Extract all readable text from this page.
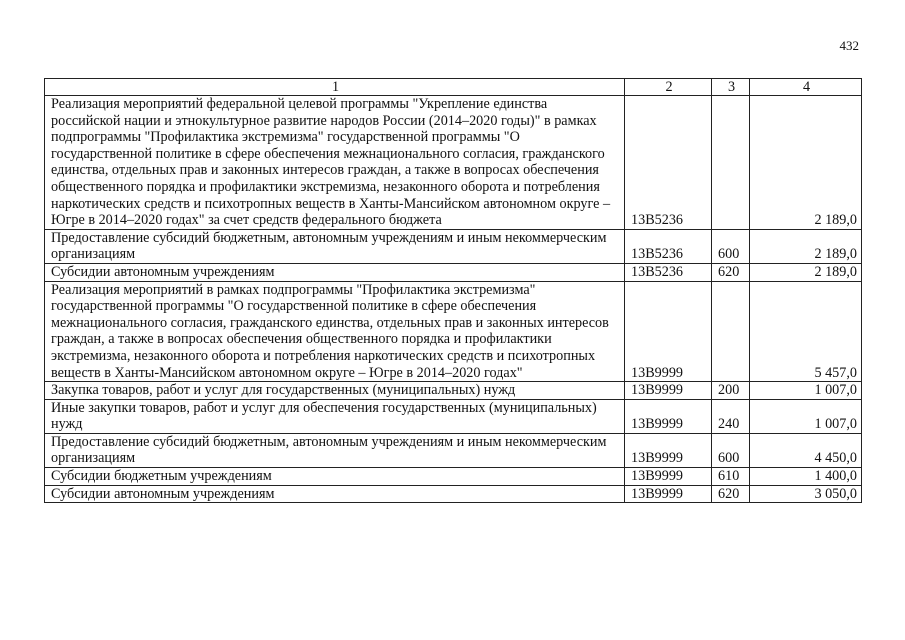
432
1	2	3	4
Реализация мероприятий федеральной целевой программы "Укрепление единства российской нации и этнокультурное развитие народов России (2014–2020 годы)" в рамках подпрограммы "Профилактика экстремизма" государственной программы "О государственной политике в сфере обеспечения межнационального согласия, гражданского единства, отдельных прав и законных интересов граждан, а также в вопросах обеспечения общественного порядка и профилактики экстремизма, незаконного оборота и потребления наркотических средств и психотропных веществ в Ханты-Мансийском автономном округе – Югре в 2014–2020 годах" за счет средств федерального бюджета	13B5236		2 189,0
Предоставление субсидий бюджетным, автономным учреждениям и иным некоммерческим организациям	13B5236	600	2 189,0
Субсидии автономным учреждениям	13B5236	620	2 189,0
Реализация мероприятий в рамках подпрограммы "Профилактика экстремизма" государственной программы "О государственной политике в сфере обеспечения межнационального согласия, гражданского единства, отдельных прав и законных интересов граждан, а также в вопросах обеспечения общественного порядка и профилактики экстремизма, незаконного оборота и потребления наркотических средств и психотропных веществ в Ханты-Мансийском автономном округе – Югре в 2014–2020 годах"	13B9999		5 457,0
Закупка товаров, работ и услуг для государственных (муниципальных) нужд	13B9999	200	1 007,0
Иные закупки товаров, работ и услуг для обеспечения государственных (муниципальных) нужд	13B9999	240	1 007,0
Предоставление субсидий бюджетным, автономным учреждениям и иным некоммерческим организациям	13B9999	600	4 450,0
Субсидии бюджетным учреждениям	13B9999	610	1 400,0
Субсидии автономным учреждениям	13B9999	620	3 050,0
